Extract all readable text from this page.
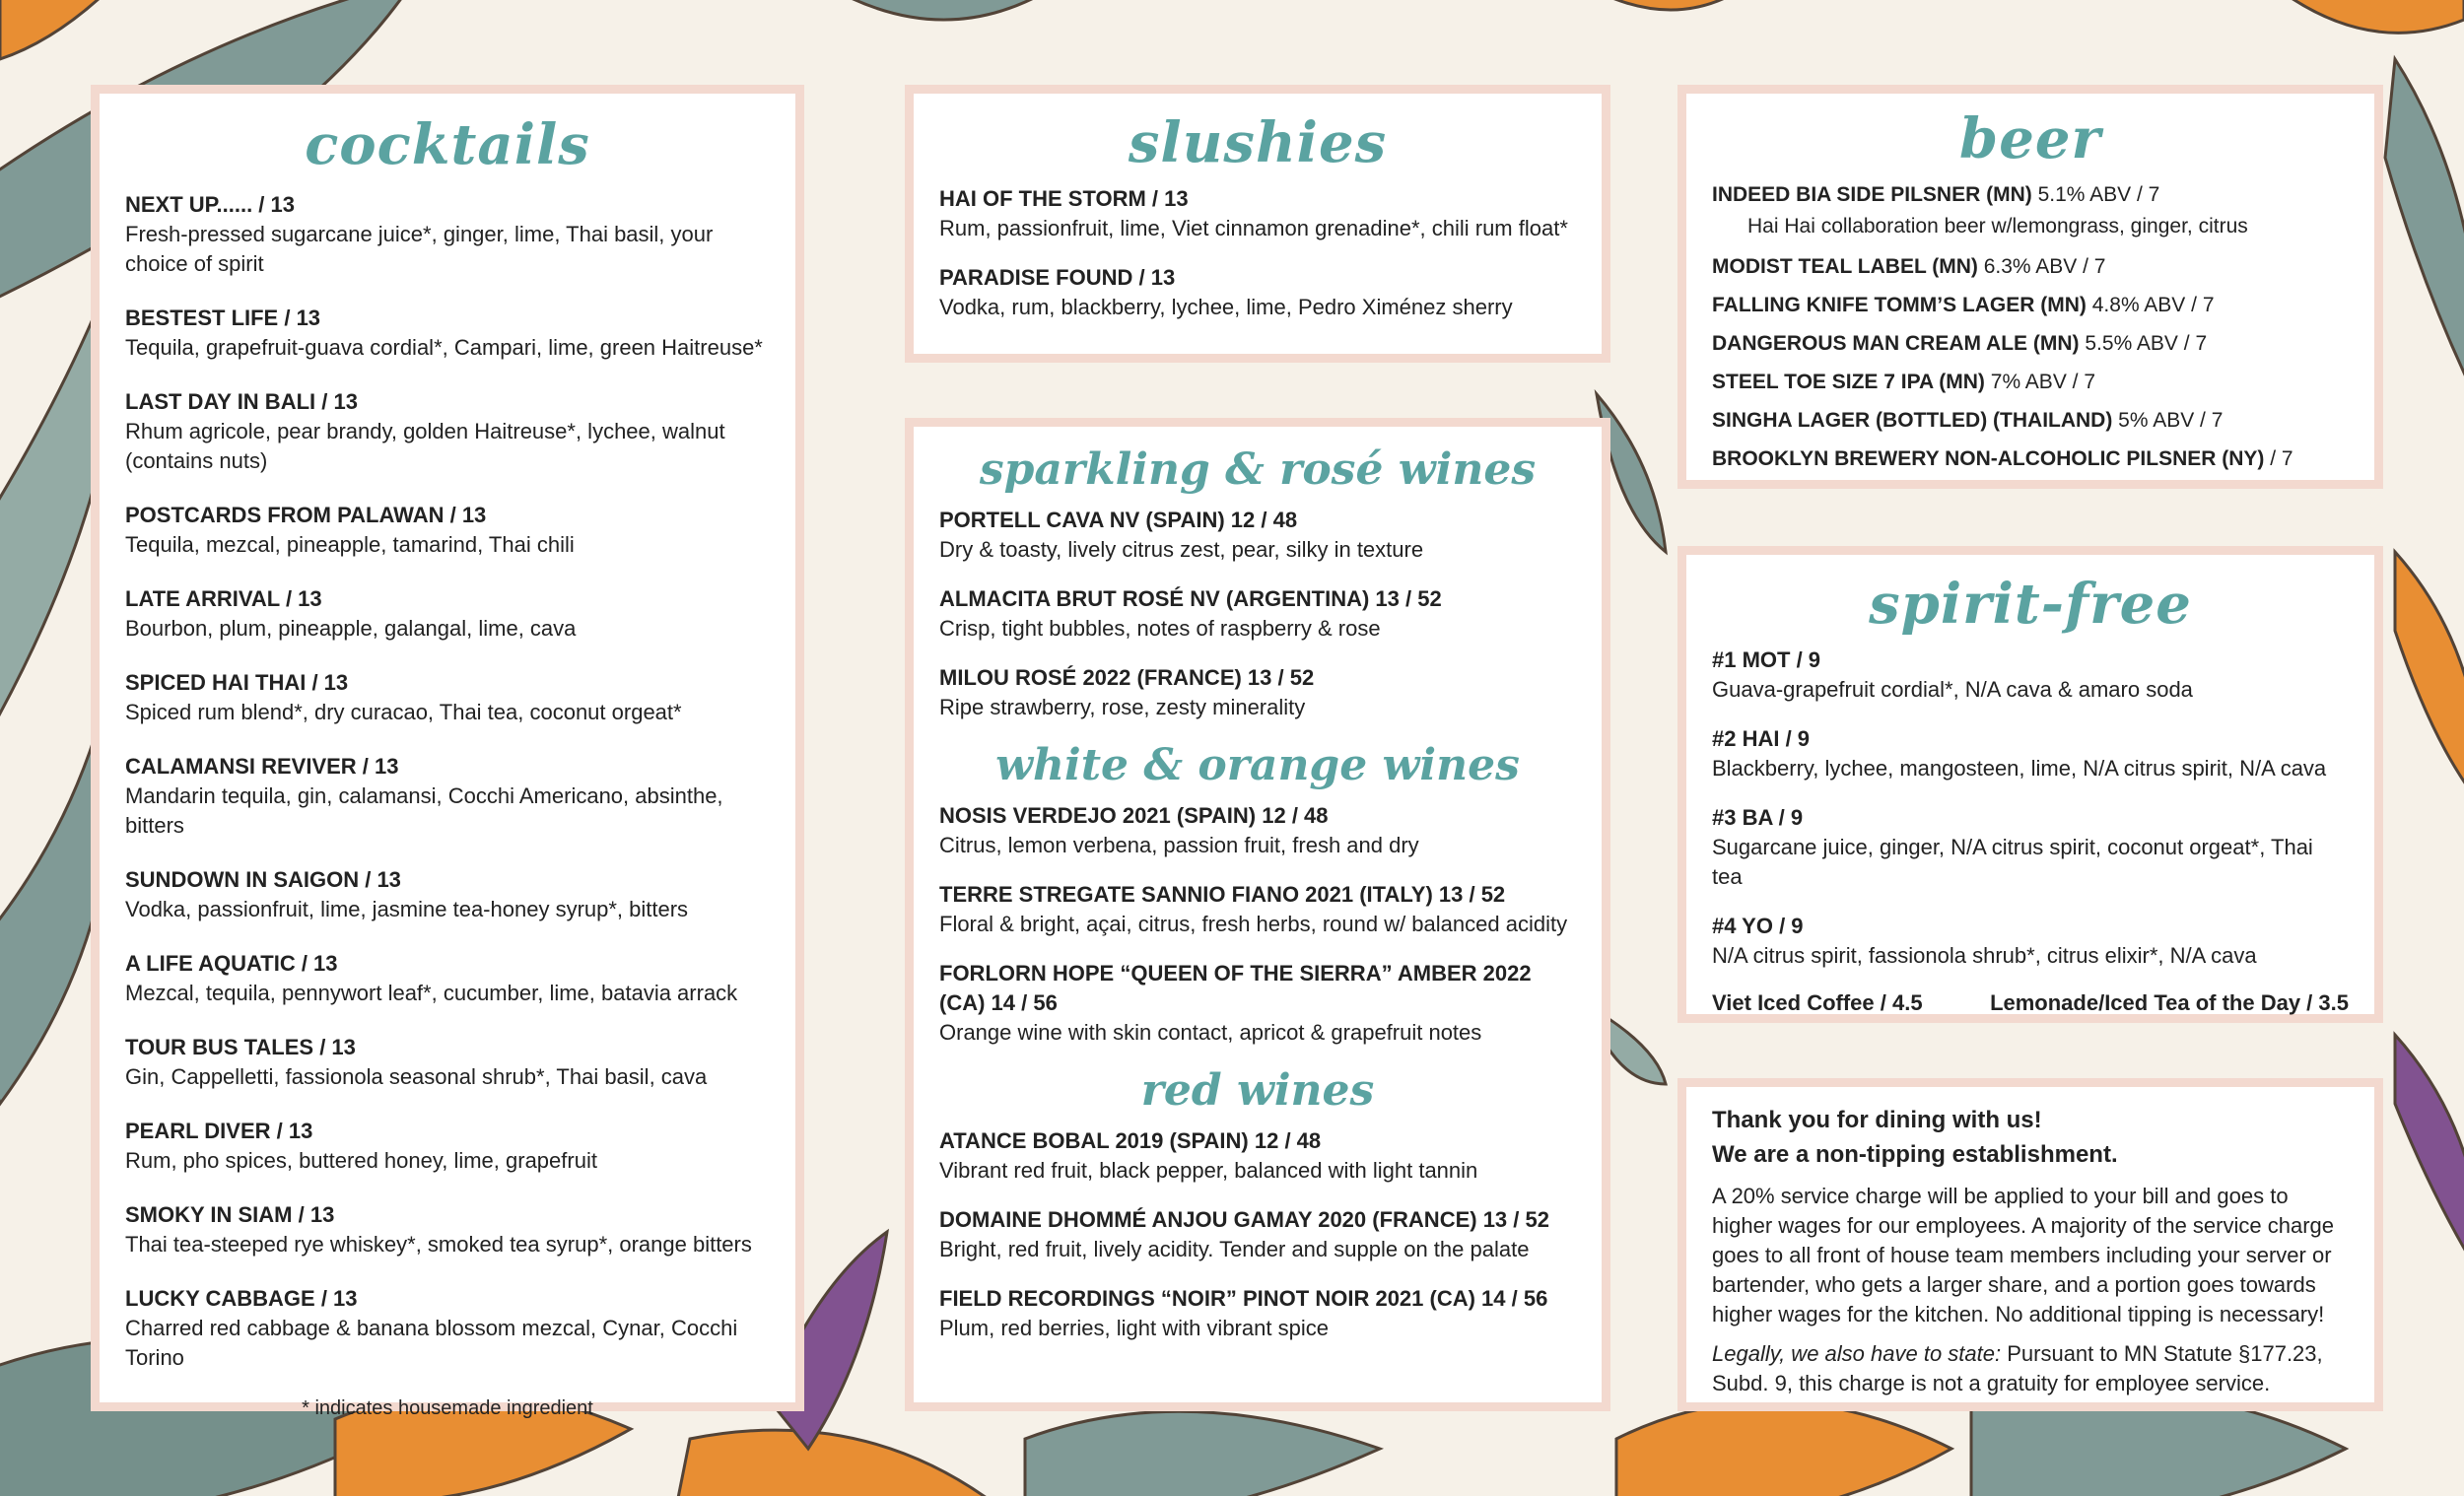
cocktails
NEXT UP...... / 13
Fresh-pressed sugarcane juice*, ginger, lime, Thai basil, your choice of spirit
BESTEST LIFE / 13
Tequila, grapefruit-guava cordial*, Campari, lime, green Haitreuse*
LAST DAY IN BALI / 13
Rhum agricole, pear brandy, golden Haitreuse*, lychee, walnut (contains nuts)
POSTCARDS FROM PALAWAN / 13
Tequila, mezcal, pineapple, tamarind, Thai chili
LATE ARRIVAL / 13
Bourbon, plum, pineapple, galangal, lime, cava
SPICED HAI THAI / 13
Spiced rum blend*, dry curacao, Thai tea, coconut orgeat*
CALAMANSI REVIVER / 13
Mandarin tequila, gin, calamansi, Cocchi Americano, absinthe, bitters
SUNDOWN IN SAIGON / 13
Vodka, passionfruit, lime, jasmine tea-honey syrup*, bitters
A LIFE AQUATIC / 13
Mezcal, tequila, pennywort leaf*, cucumber, lime, batavia arrack
TOUR BUS TALES / 13
Gin, Cappelletti, fassionola seasonal shrub*, Thai basil, cava
PEARL DIVER / 13
Rum, pho spices, buttered honey, lime, grapefruit
SMOKY IN SIAM / 13
Thai tea-steeped rye whiskey*, smoked tea syrup*, orange bitters
LUCKY CABBAGE / 13
Charred red cabbage & banana blossom mezcal, Cynar, Cocchi Torino
* indicates housemade ingredient
slushies
HAI OF THE STORM / 13
Rum, passionfruit, lime, Viet cinnamon grenadine*, chili rum float*
PARADISE FOUND / 13
Vodka, rum, blackberry, lychee, lime, Pedro Ximénez sherry
sparkling & rosé wines
PORTELL CAVA NV (SPAIN) 12 / 48
Dry & toasty, lively citrus zest, pear, silky in texture
ALMACITA BRUT ROSÉ NV (ARGENTINA) 13 / 52
Crisp, tight bubbles, notes of raspberry & rose
MILOU ROSÉ 2022 (FRANCE) 13 / 52
Ripe strawberry, rose, zesty minerality
white & orange wines
NOSIS VERDEJO 2021 (SPAIN) 12 / 48
Citrus, lemon verbena, passion fruit, fresh and dry
TERRE STREGATE SANNIO FIANO 2021 (ITALY) 13 / 52
Floral & bright, açai, citrus, fresh herbs, round w/ balanced acidity
FORLORN HOPE “QUEEN OF THE SIERRA” AMBER 2022 (CA) 14 / 56
Orange wine with skin contact, apricot & grapefruit notes
red wines
ATANCE BOBAL 2019 (SPAIN) 12 / 48
Vibrant red fruit, black pepper, balanced with light tannin
DOMAINE DHOMMÉ ANJOU GAMAY 2020 (FRANCE) 13 / 52
Bright, red fruit, lively acidity. Tender and supple on the palate
FIELD RECORDINGS “NOIR” PINOT NOIR 2021 (CA) 14 / 56
Plum, red berries, light with vibrant spice
beer
INDEED BIA SIDE PILSNER (MN) 5.1% ABV / 7
Hai Hai collaboration beer w/lemongrass, ginger, citrus
MODIST TEAL LABEL (MN) 6.3% ABV / 7
FALLING KNIFE TOMM’S LAGER (MN) 4.8% ABV / 7
DANGEROUS MAN CREAM ALE (MN) 5.5% ABV / 7
STEEL TOE SIZE 7 IPA (MN) 7% ABV / 7
SINGHA LAGER (BOTTLED) (THAILAND) 5% ABV / 7
BROOKLYN BREWERY NON-ALCOHOLIC PILSNER (NY) / 7
spirit-free
#1 MOT / 9
Guava-grapefruit cordial*, N/A cava & amaro soda
#2 HAI / 9
Blackberry, lychee, mangosteen, lime, N/A citrus spirit, N/A cava
#3 BA / 9
Sugarcane juice, ginger, N/A citrus spirit, coconut orgeat*, Thai tea
#4 YO / 9
N/A citrus spirit, fassionola shrub*, citrus elixir*, N/A cava
Viet Iced Coffee / 4.5	Lemonade/Iced Tea of the Day / 3.5
Thank you for dining with us!
We are a non-tipping establishment.
A 20% service charge will be applied to your bill and goes to higher wages for our employees. A majority of the service charge goes to all front of house team members including your server or bartender, who gets a larger share, and a portion goes towards higher wages for the kitchen. No additional tipping is necessary!
Legally, we also have to state: Pursuant to MN Statute §177.23, Subd. 9, this charge is not a gratuity for employee service.
